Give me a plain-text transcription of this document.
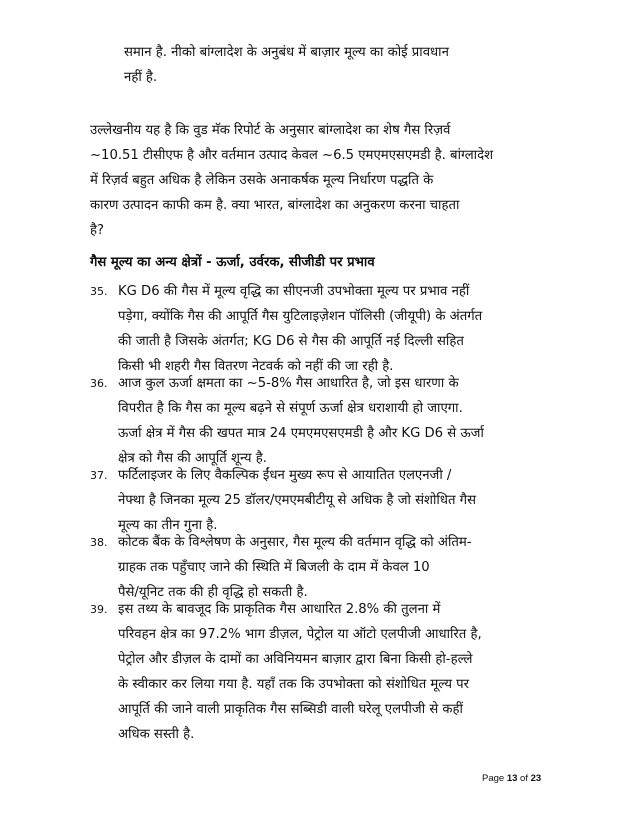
समान है. नीको बांग्लादेश के अनुबंध में बाज़ार मूल्य का कोई प्रावधान
नहीं है.
उल्लेखनीय यह है कि वुड मॅक रिपोर्ट के अनुसार बांग्लादेश का शेष गैस रिज़र्व
~10.51 टीसीएफ है और वर्तमान उत्पाद केवल ~6.5 एमएमएसएमडी है. बांग्लादेश
में रिज़र्व बहुत अधिक है लेकिन उसके अनाकर्षक मूल्य निर्धारण पद्धति के
कारण उत्पादन काफी कम है. क्या भारत, बांग्लादेश का अनुकरण करना चाहता
है?
गैस मूल्य का अन्य क्षेत्रों - ऊर्जा, उर्वरक, सीजीडी पर प्रभाव
35. KG D6 की गैस में मूल्य वृद्धि का सीएनजी उपभोक्ता मूल्य पर प्रभाव नहीं
पड़ेगा, क्योंकि गैस की आपूर्ति गैस युटिलाइज़ेशन पॉलिसी (जीयूपी) के अंतर्गत
की जाती है जिसके अंतर्गत; KG D6 से गैस की आपूर्ति नई दिल्ली सहित
किसी भी शहरी गैस वितरण नेटवर्क को नहीं की जा रही है.
36. आज कुल ऊर्जा क्षमता का ~5-8% गैस आधारित है, जो इस धारणा के
विपरीत है कि गैस का मूल्य बढ़ने से संपूर्ण ऊर्जा क्षेत्र धराशायी हो जाएगा.
ऊर्जा क्षेत्र में गैस की खपत मात्र 24 एमएमएसएमडी है और KG D6 से ऊर्जा
क्षेत्र को गैस की आपूर्ति शून्य है.
37. फर्टिलाइजर के लिए वैकल्पिक ईंधन मुख्य रूप से आयातित एलएनजी /
नेफ्था है जिनका मूल्य 25 डॉलर/एमएमबीटीयू से अधिक है जो संशोधित गैस
मूल्य का तीन गुना है.
38. कोटक बैंक के विश्लेषण के अनुसार, गैस मूल्य की वर्तमान वृद्धि को अंतिम-
ग्राहक तक पहुँचाए जाने की स्थिति में बिजली के दाम में केवल 10
पैसे/यूनिट तक की ही वृद्धि हो सकती है.
39. इस तथ्य के बावजूद कि प्राकृतिक गैस आधारित 2.8% की तुलना में
परिवहन क्षेत्र का 97.2% भाग डीज़ल, पेट्रोल या ऑटो एलपीजी आधारित है,
पेट्रोल और डीज़ल के दामों का अविनियमन बाज़ार द्वारा बिना किसी हो-हल्ले
के स्वीकार कर लिया गया है. यहाँ तक कि उपभोक्ता को संशोधित मूल्य पर
आपूर्ति की जाने वाली प्राकृतिक गैस सब्सिडी वाली घरेलू एलपीजी से कहीं
अधिक सस्ती है.
Page 13 of 23
